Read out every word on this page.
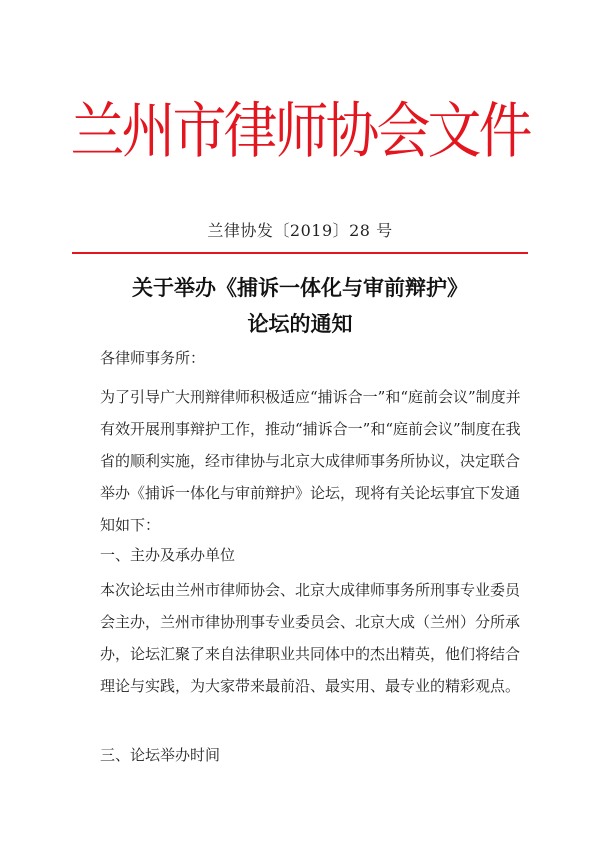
兰州市律师协会文件
兰律协发〔2019〕28 号
关于举办《捕诉一体化与审前辩护》
论坛的通知

各律师事务所：

为了引导广大刑辩律师积极适应“捕诉合一”和“庭前会议”制度并有效开展刑事辩护工作，推动“捕诉合一”和“庭前会议”制度在我省的顺利实施，经市律协与北京大成律师事务所协议，决定联合举办《捕诉一体化与审前辩护》论坛，现将有关论坛事宜下发通知如下：

一、主办及承办单位

本次论坛由兰州市律师协会、北京大成律师事务所刑事专业委员会主办，兰州市律协刑事专业委员会、北京大成（兰州）分所承办，论坛汇聚了来自法律职业共同体中的杰出精英，他们将结合理论与实践，为大家带来最前沿、最实用、最专业的精彩观点。

三、论坛举办时间
